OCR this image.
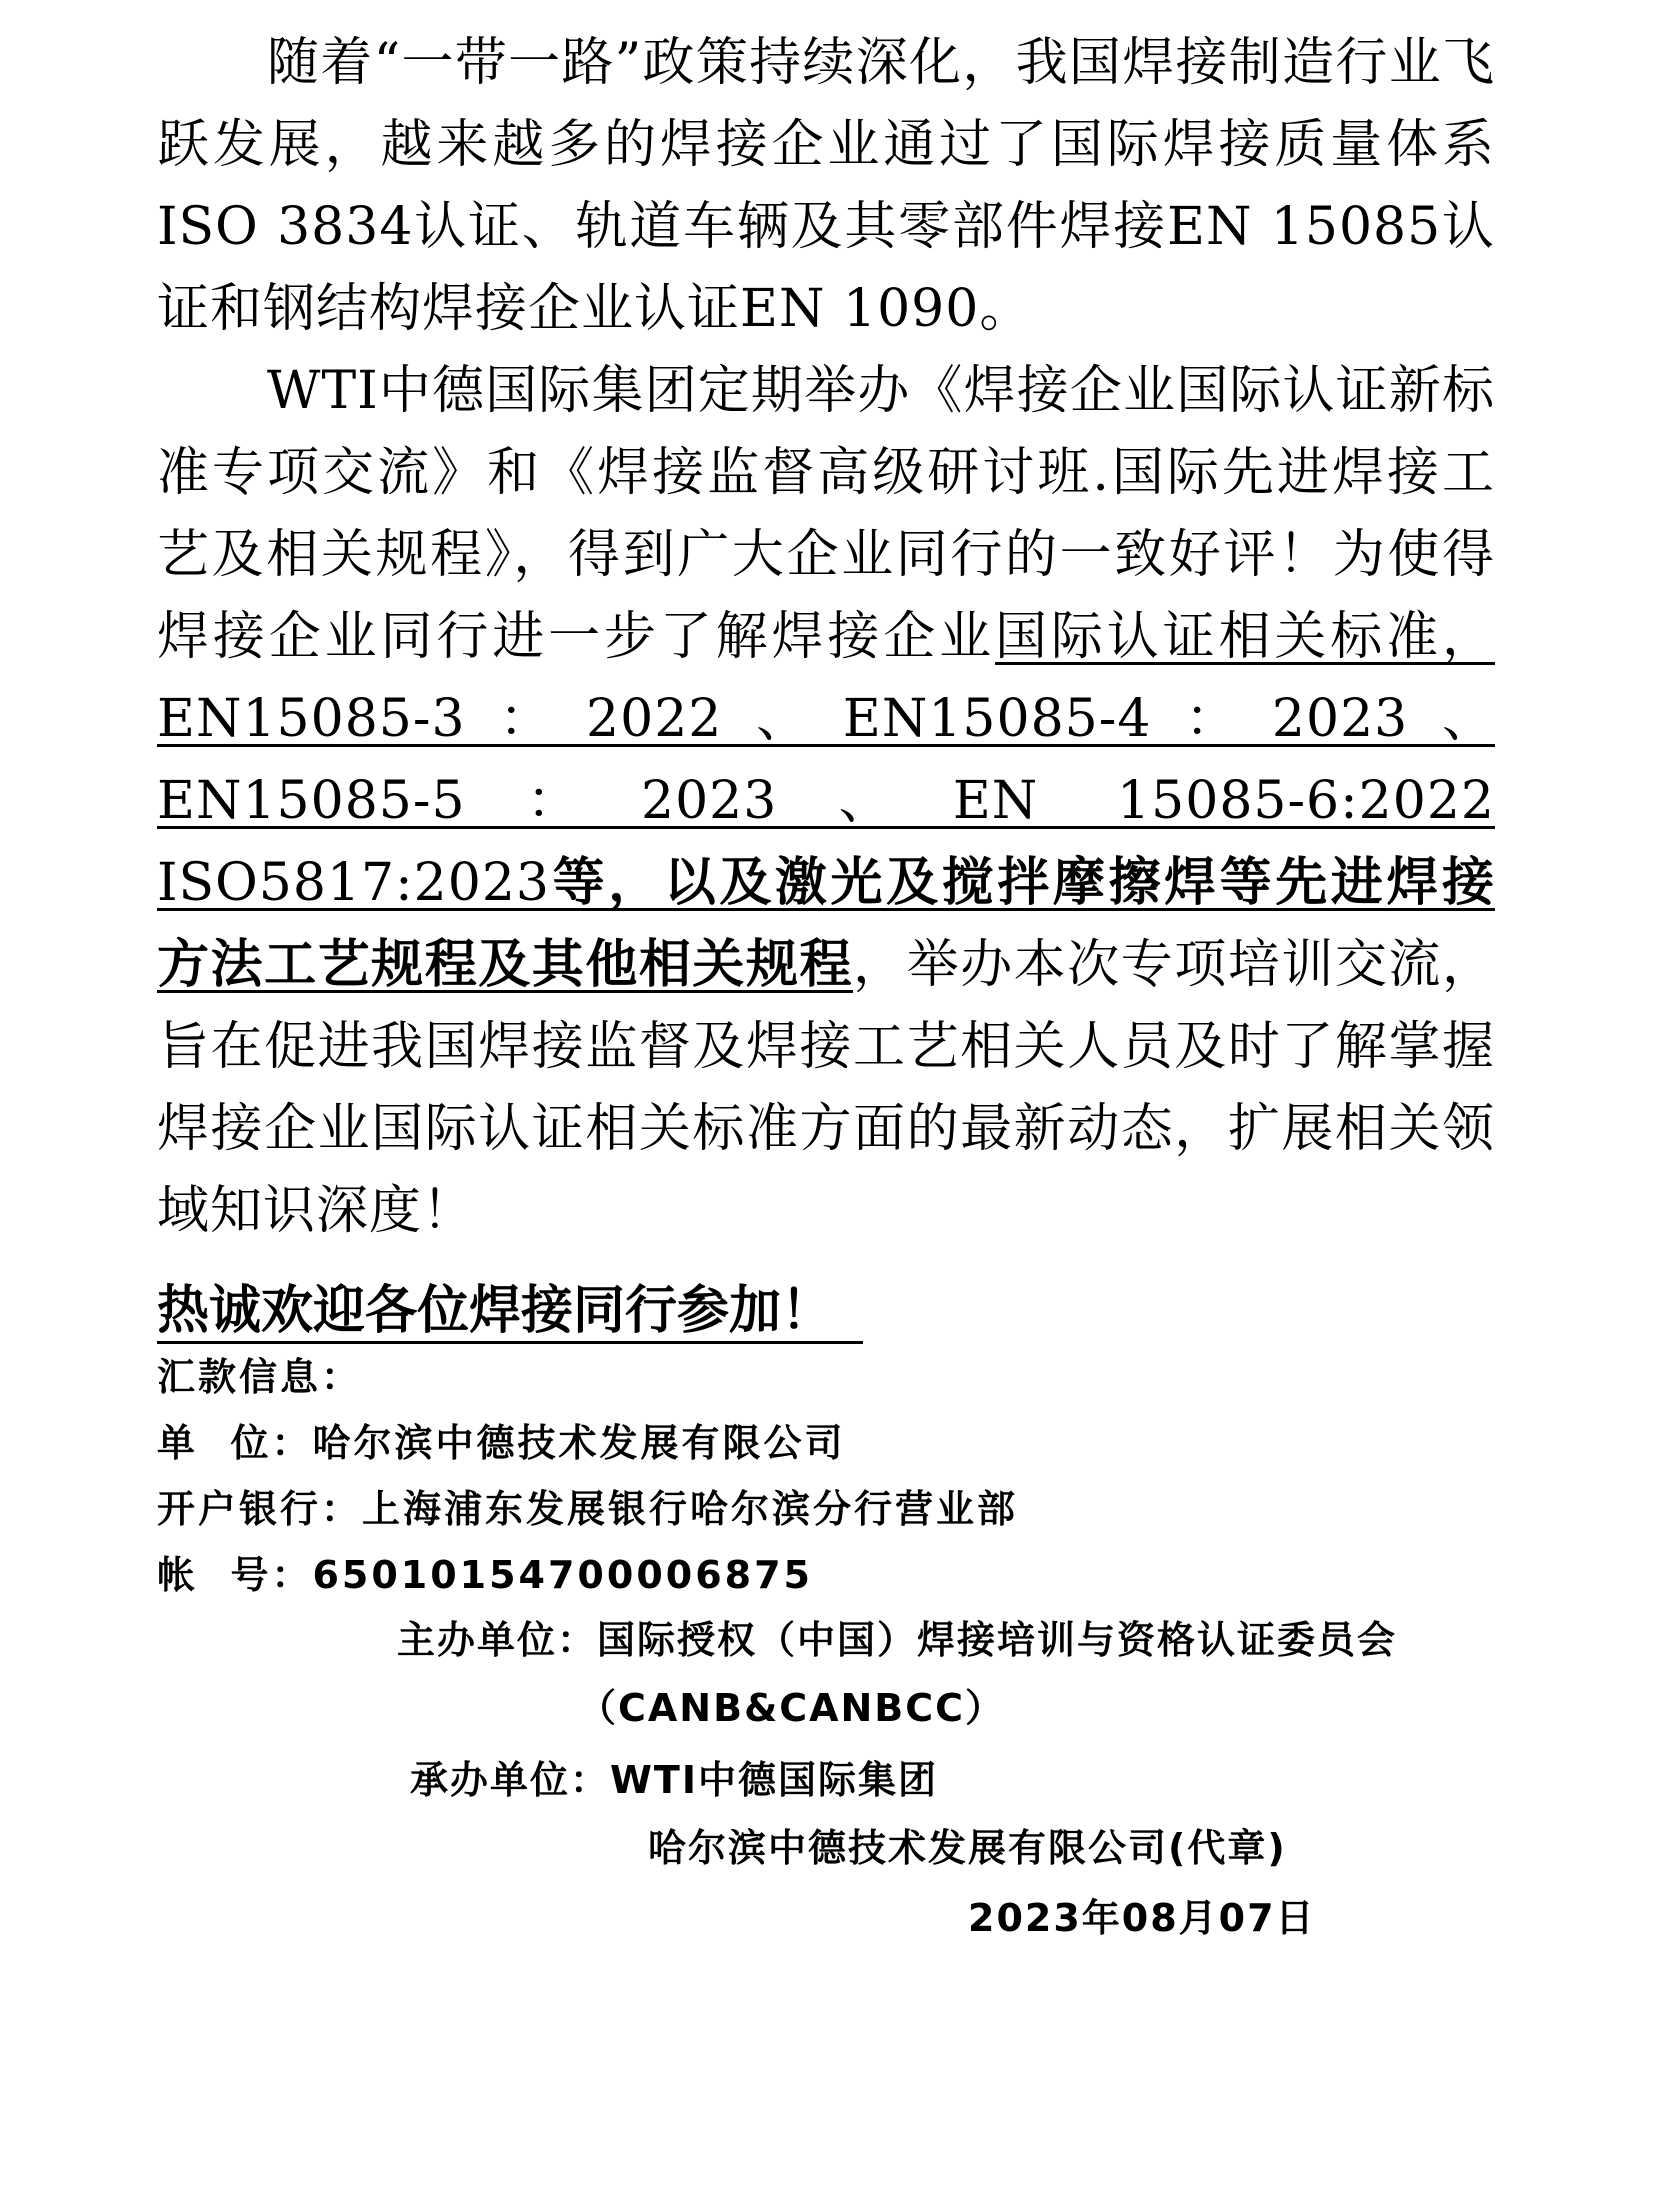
随着“一带一路”政策持续深化，我国焊接制造行业飞跃发展，越来越多的焊接企业通过了国际焊接质量体系ISO 3834认证、轨道车辆及其零部件焊接EN 15085认证和钢结构焊接企业认证EN 1090。

WTI中德国际集团定期举办《焊接企业国际认证新标准专项交流》和《焊接监督高级研讨班.国际先进焊接工艺及相关规程》，得到广大企业同行的一致好评！为使得焊接企业同行进一步了解焊接企业国际认证相关标准，EN15085-3：2022、EN15085-4：2023、EN15085-5：2023、EN 15085-6:2022 ISO5817:2023等，以及激光及搅拌摩擦焊等先进焊接方法工艺规程及其他相关规程，举办本次专项培训交流，旨在促进我国焊接监督及焊接工艺相关人员及时了解掌握焊接企业国际认证相关标准方面的最新动态，扩展相关领域知识深度！

热诚欢迎各位焊接同行参加！
汇款信息：
单  位：哈尔滨中德技术发展有限公司
开户银行：上海浦东发展银行哈尔滨分行营业部
帐  号：65010154700006875
主办单位：国际授权（中国）焊接培训与资格认证委员会
（CANB&CANBCC）
承办单位：WTI中德国际集团
哈尔滨中德技术发展有限公司(代章)
2023年08月07日
